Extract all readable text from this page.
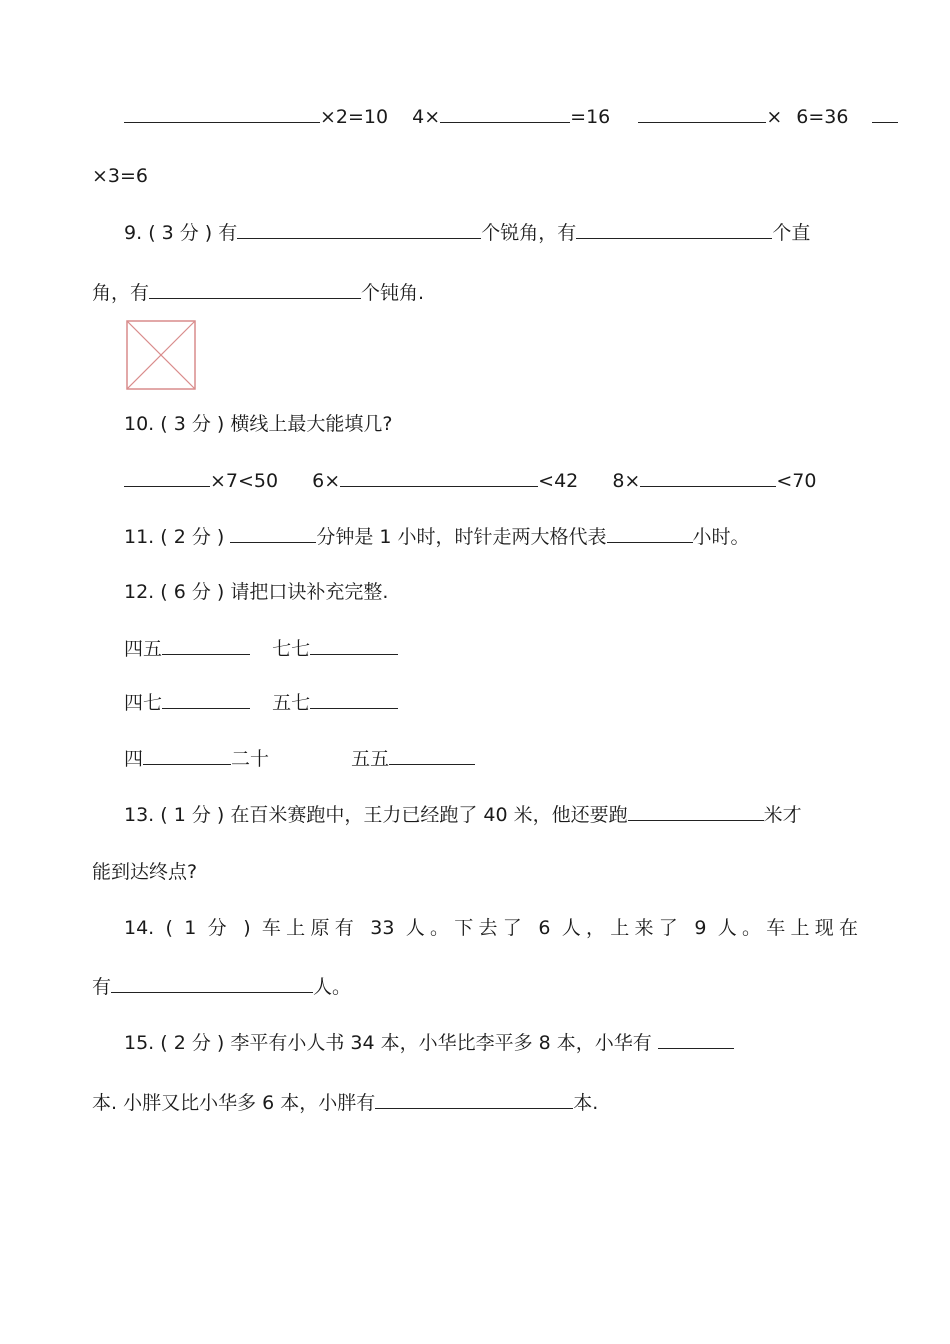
×2=10 4×	=16	× 6=36
×3=6
9. ( 3 分 ) 有	个锐角，有	个直
角，有	个钝角.
10. ( 3 分 ) 横线上最大能填几?
×7<50 6×	<42 8×	<70
11. ( 2 分 )	分钟是 1 小时，时针走两大格代表	小时。
12. ( 6 分 ) 请把口诀补充完整.
四五	七七
四七	五七
四	二十	五五
13. ( 1 分 ) 在百米赛跑中，王力已经跑了 40 米，他还要跑	米才
能到达终点?
14. ( 1 分 ) 车上原有 33 人。下去了 6 人，上来了 9 人。车上现在
有	人。
15. ( 2 分 ) 李平有小人书 34 本，小华比李平多 8 本，小华有
本. 小胖又比小华多 6 本，小胖有	本.
